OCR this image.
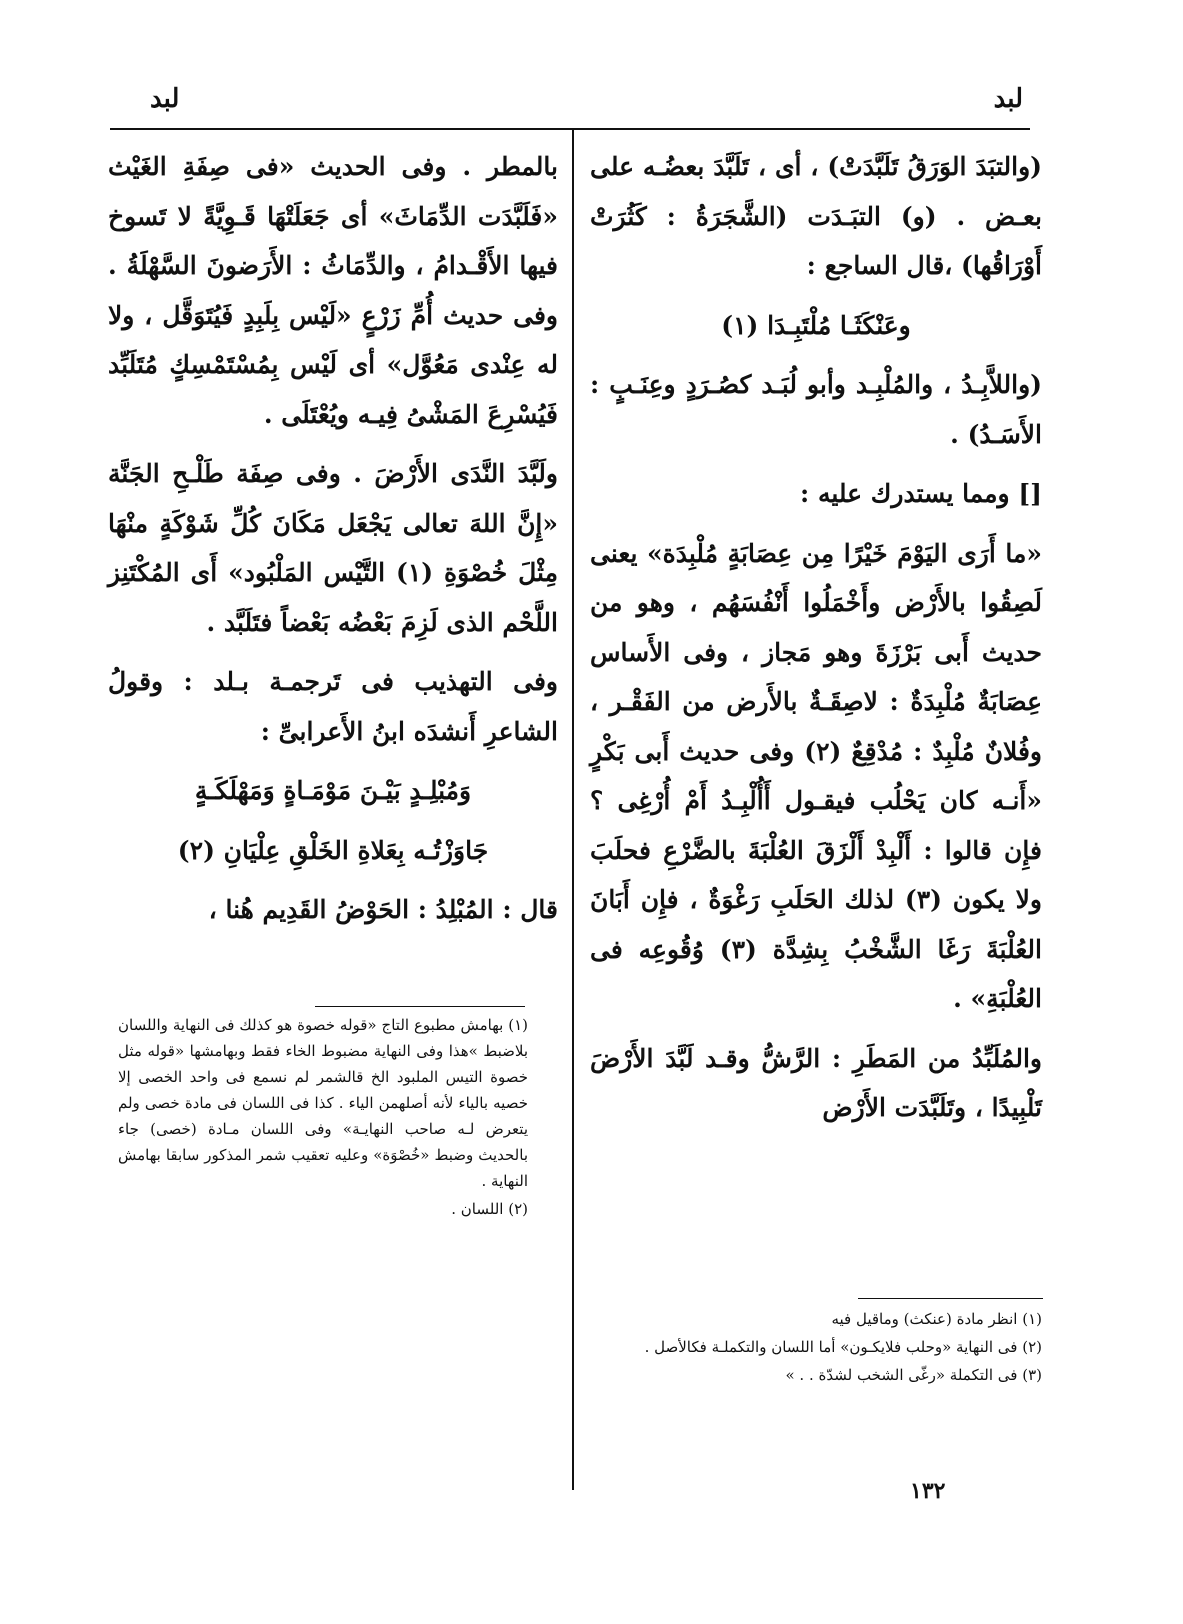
لبد	لبد

(والتبَدَ الوَرَقُ تَلَبَّدَتْ) ، أى ، تَلَبَّدَ بعضُـه على بعـض . (و) التبَـدَت (الشَّجَرَةُ : كَثُرَتْ أَوْرَاقُها) ،قال الساجع :

وعَنْكَثَـا مُلْتَبِـدَا (١)

(واللاَّبِـدُ ، والمُلْبِـد وأبو لُبَـد كصُـرَدٍ وعِنَـبٍ : الأَسَـدُ) .

[] ومما يستدرك عليه :

«ما أَرَى اليَوْمَ خَيْرًا مِن عِصَابَةٍ مُلْبِدَة» يعنى لَصِقُوا بالأَرْض وأَخْمَلُوا أَنْفُسَهُم ، وهو من حديث أَبى بَرْزَةَ وهو مَجاز ، وفى الأَساس عِصَابَةٌ مُلْبِدَةٌ : لاصِقَـةٌ بالأَرض من الفَقْـر ، وفُلانٌ مُلْبِدٌ : مُدْقِعٌ (٢) وفى حديث أَبى بَكْرٍ «أَنـه كان يَحْلُب فيقـول أَأُلْبِـدُ أَمْ أُرْغِى ؟ فإِن قالوا : أَلْبِدْ أَلْزَقَ العُلْبَةَ بالضَّرْعِ فحلَبَ ولا يكون (٣) لذلك الحَلَبِ رَغْوَةٌ ، فإِن أَبَانَ العُلْبَةَ رَغَا الشَّخْبُ بِشِدَّة (٣) وُقُوعِه فى العُلْبَةِ» .

والمُلَبِّدُ من المَطَرِ : الرَّشُّ وقـد لَبَّدَ الأَرْضَ تَلْبِيدًا ، وتَلَبَّدَت الأَرْض

بالمطر . وفى الحديث «فى صِفَةِ الغَيْث «فَلَبَّدَت الدِّمَاثَ» أى جَعَلَتْهَا قَـوِيَّةً لا تَسوخ فيها الأَقْـدامُ ، والدِّمَاثُ : الأَرَضونَ السَّهْلَةُ . وفى حديث أُمِّ زَرْعٍ «لَيْس بِلَبِدٍ فَيُتَوَقَّل ، ولا له عِنْدى مَعُوَّل» أى لَيْس بِمُسْتَمْسِكٍ مُتَلَبِّد فَيُسْرِعَ المَشْىُ فِيـه ويُعْتَلَى .

ولَبَّدَ النَّدَى الأَرْضَ . وفى صِفَة طَلْـحِ الجَنَّة «إِنَّ اللهَ تعالى يَجْعَل مَكَانَ كُلِّ شَوْكَةٍ منْهَا مِثْلَ خُصْوَةِ (١) التَّيْس المَلْبُود» أَى المُكْتَنِز اللَّحْم الذى لَزِمَ بَعْضُه بَعْضاً فتَلَبَّد .

وفى التهذيب فى تَرجمـة بـلد : وقولُ الشاعرِ أَنشدَه ابنُ الأَعرابىِّ :

وَمُبْلِـدٍ بَيْـنَ مَوْمَـاةٍ وَمَهْلَكَـةٍ

جَاوَزْتُـه بِعَلاةِ الخَلْقِ عِلْيَانِ (٢)

قال : المُبْلِدُ : الحَوْضُ القَدِيم هُنا ،

(١) انظر مادة (عنكث) وماقيل فيه

(٢) فى النهاية «وحلب فلايكـون» أما اللسان والتكملـة فكالأصل .

(٣) فى التكملة «رغّى الشخب لشدّة . . »

(١) بهامش مطبوع التاج «قوله خصوة هو كذلك فى النهاية واللسان بلاضبط »هذا وفى النهاية مضبوط الخاء فقط وبهامشها «قوله مثل خصوة التيس الملبود الخ قالشمر لم نسمع فى واحد الخصى إلا خصيه بالياء لأنه أصلهمن الياء . كذا فى اللسان فى مادة خصى ولم يتعرض لـه صاحب النهايـة» وفى اللسان مـادة (خصى) جاء بالحديث وضبط «خُصْوَة» وعليه تعقيب شمر المذكور سابقا بهامش النهاية .

(٢) اللسان .

١٣٢
